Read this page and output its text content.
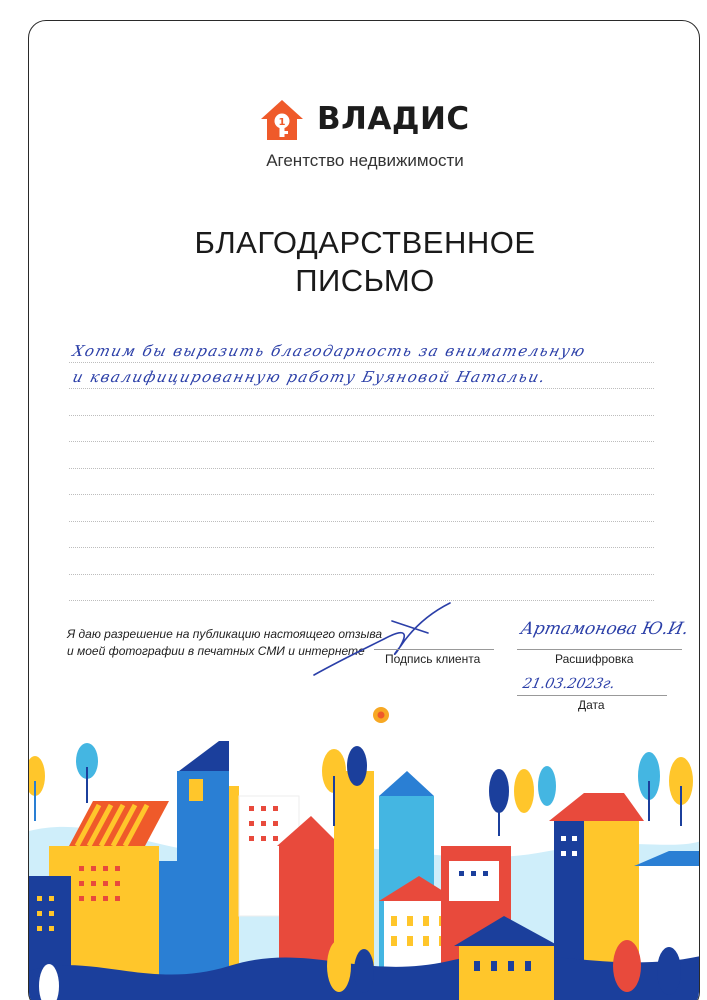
1 ВЛАДИС
Агентство недвижимости
БЛАГОДАРСТВЕННОЕ
ПИСЬМО
Хотим бы выразить благодарность за внимательную
и квалифицированную работу Буяновой Натальи.
Я даю разрешение на публикацию настоящего отзыва и моей фотографии в печатных СМИ и интернете
Подпись клиента
Артамонова Ю.И.
Расшифровка
21.03.2023г.
Дата
